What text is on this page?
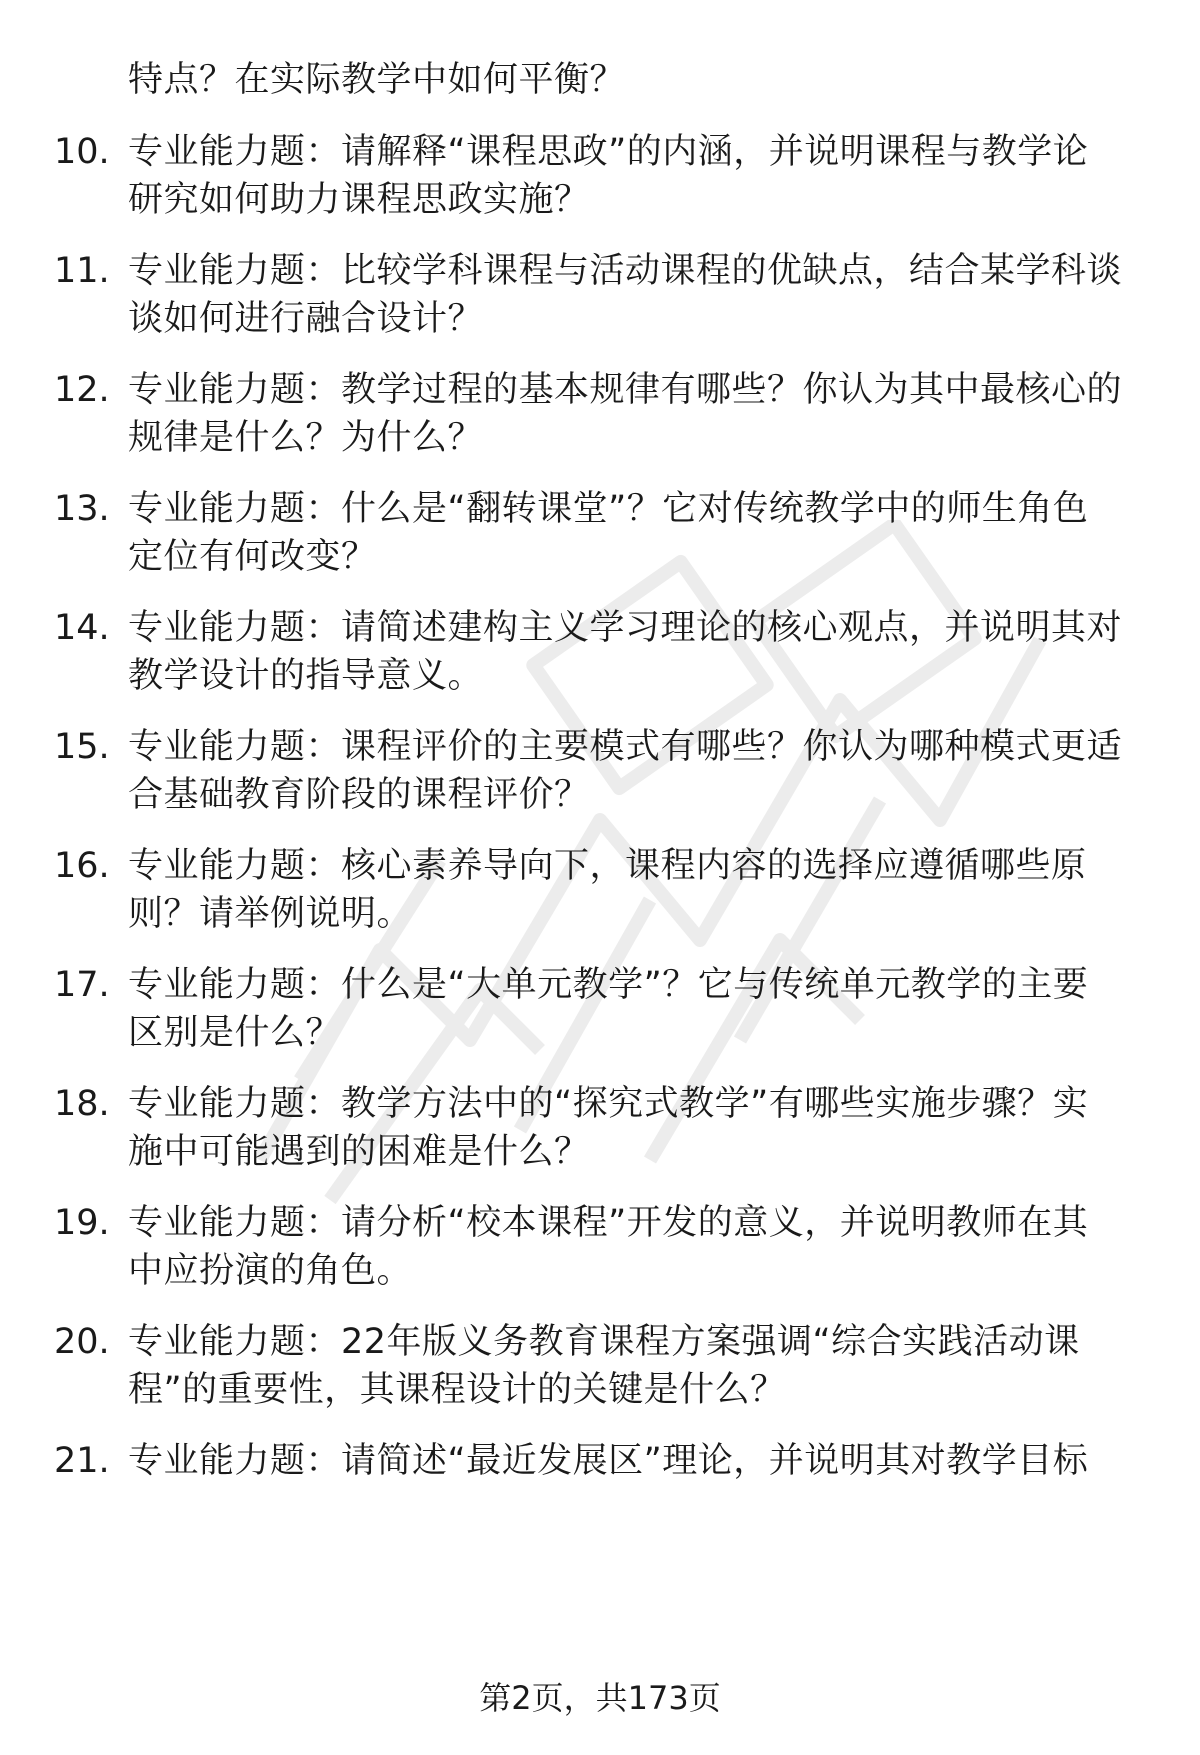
特点？在实际教学中如何平衡？
10. 专业能力题：请解释“课程思政”的内涵，并说明课程与教学论
研究如何助力课程思政实施？
11. 专业能力题：比较学科课程与活动课程的优缺点，结合某学科谈
谈如何进行融合设计？
12. 专业能力题：教学过程的基本规律有哪些？你认为其中最核心的
规律是什么？为什么？
13. 专业能力题：什么是“翻转课堂”？它对传统教学中的师生角色
定位有何改变？
14. 专业能力题：请简述建构主义学习理论的核心观点，并说明其对
教学设计的指导意义。
15. 专业能力题：课程评价的主要模式有哪些？你认为哪种模式更适
合基础教育阶段的课程评价？
16. 专业能力题：核心素养导向下，课程内容的选择应遵循哪些原
则？请举例说明。
17. 专业能力题：什么是“大单元教学”？它与传统单元教学的主要
区别是什么？
18. 专业能力题：教学方法中的“探究式教学”有哪些实施步骤？实
施中可能遇到的困难是什么？
19. 专业能力题：请分析“校本课程”开发的意义，并说明教师在其
中应扮演的角色。
20. 专业能力题：22年版义务教育课程方案强调“综合实践活动课
程”的重要性，其课程设计的关键是什么？
21. 专业能力题：请简述“最近发展区”理论，并说明其对教学目标
第2页，共173页
